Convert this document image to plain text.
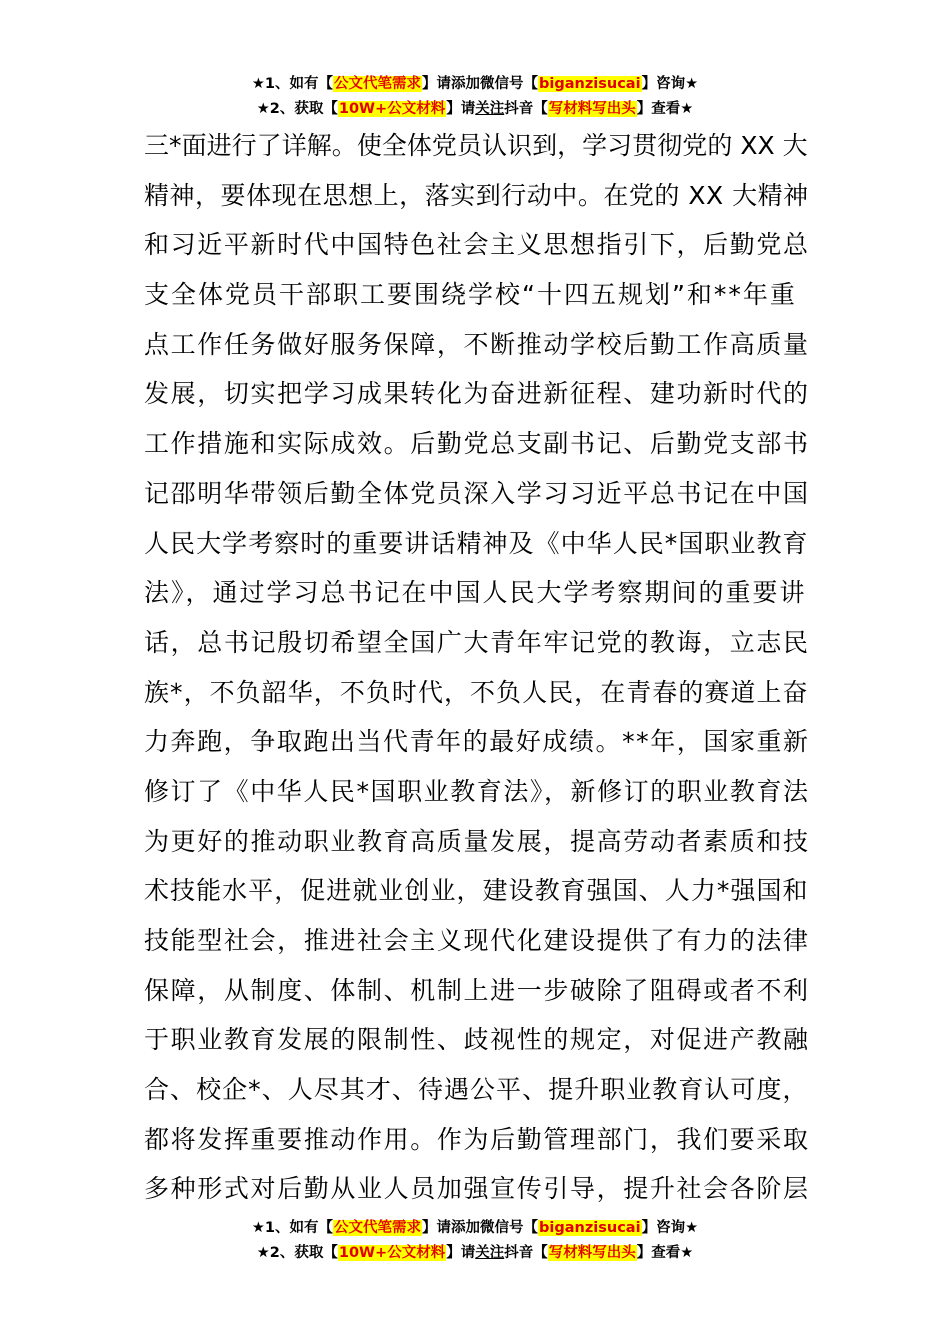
★1、如有【公文代笔需求】请添加微信号【biganzisucai】咨询★
★2、获取【10W+公文材料】请关注抖音【写材料写出头】查看★
三*面进行了详解。使全体党员认识到，学习贯彻党的 XX 大
精神，要体现在思想上，落实到行动中。在党的 XX 大精神
和习近平新时代中国特色社会主义思想指引下，后勤党总
支全体党员干部职工要围绕学校“十四五规划”和**年重
点工作任务做好服务保障，不断推动学校后勤工作高质量
发展，切实把学习成果转化为奋进新征程、建功新时代的
工作措施和实际成效。后勤党总支副书记、后勤党支部书
记邵明华带领后勤全体党员深入学习习近平总书记在中国
人民大学考察时的重要讲话精神及《中华人民*国职业教育
法》，通过学习总书记在中国人民大学考察期间的重要讲
话，总书记殷切希望全国广大青年牢记党的教诲，立志民
族*，不负韶华，不负时代，不负人民，在青春的赛道上奋
力奔跑，争取跑出当代青年的最好成绩。**年，国家重新
修订了《中华人民*国职业教育法》，新修订的职业教育法
为更好的推动职业教育高质量发展，提高劳动者素质和技
术技能水平，促进就业创业，建设教育强国、人力*强国和
技能型社会，推进社会主义现代化建设提供了有力的法律
保障，从制度、体制、机制上进一步破除了阻碍或者不利
于职业教育发展的限制性、歧视性的规定，对促进产教融
合、校企*、人尽其才、待遇公平、提升职业教育认可度，
都将发挥重要推动作用。作为后勤管理部门，我们要采取
多种形式对后勤从业人员加强宣传引导，提升社会各阶层
★1、如有【公文代笔需求】请添加微信号【biganzisucai】咨询★
★2、获取【10W+公文材料】请关注抖音【写材料写出头】查看★
